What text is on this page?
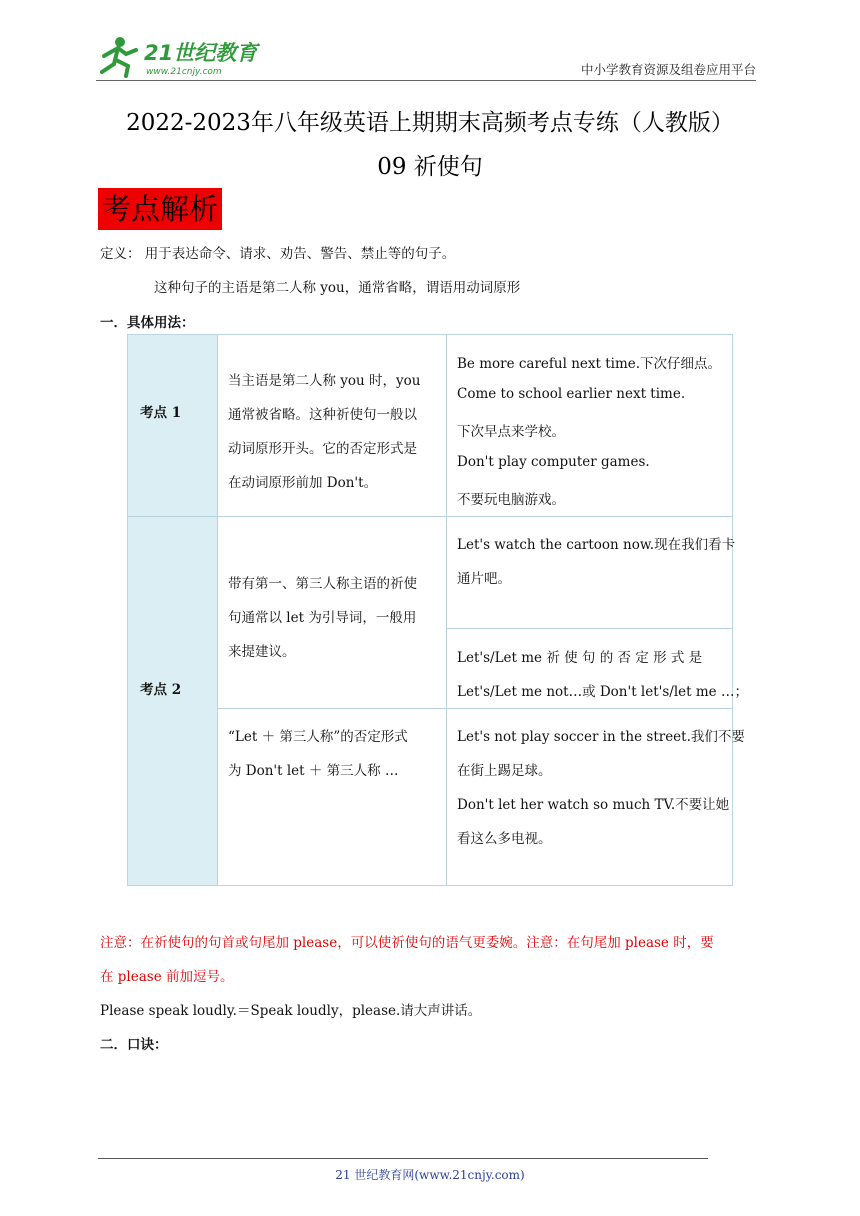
21世纪教育
www.21cnjy.com	中小学教育资源及组卷应用平台
2022-2023年八年级英语上期期末高频考点专练（人教版）
09 祈使句
考点解析
定义： 用于表达命令、请求、劝告、警告、禁止等的句子。
这种句子的主语是第二人称 you，通常省略，谓语用动词原形
一．具体用法：
考点 1
当主语是第二人称 you 时，you
通常被省略。这种祈使句一般以
动词原形开头。它的否定形式是
在动词原形前加 Don't。
Be more careful next time.下次仔细点。
Come to school earlier next time.
下次早点来学校。
Don't play computer games.
不要玩电脑游戏。
考点 2
带有第一、第三人称主语的祈使
句通常以 let 为引导词，一般用
来提建议。
Let's watch the cartoon now.现在我们看卡
通片吧。
Let's/Let me 祈 使 句 的 否 定 形 式 是
Let's/Let me not…或 Don't let's/let me …；
“Let ＋ 第三人称”的否定形式
为 Don't let ＋ 第三人称 …
Let's not play soccer in the street.我们不要
在街上踢足球。
Don't let her watch so much TV.不要让她
看这么多电视。
注意：在祈使句的句首或句尾加 please，可以使祈使句的语气更委婉。注意：在句尾加 please 时，要
在 please 前加逗号。
Please speak loudly.＝Speak loudly，please.请大声讲话。
二．口诀：
21 世纪教育网(www.21cnjy.com)
